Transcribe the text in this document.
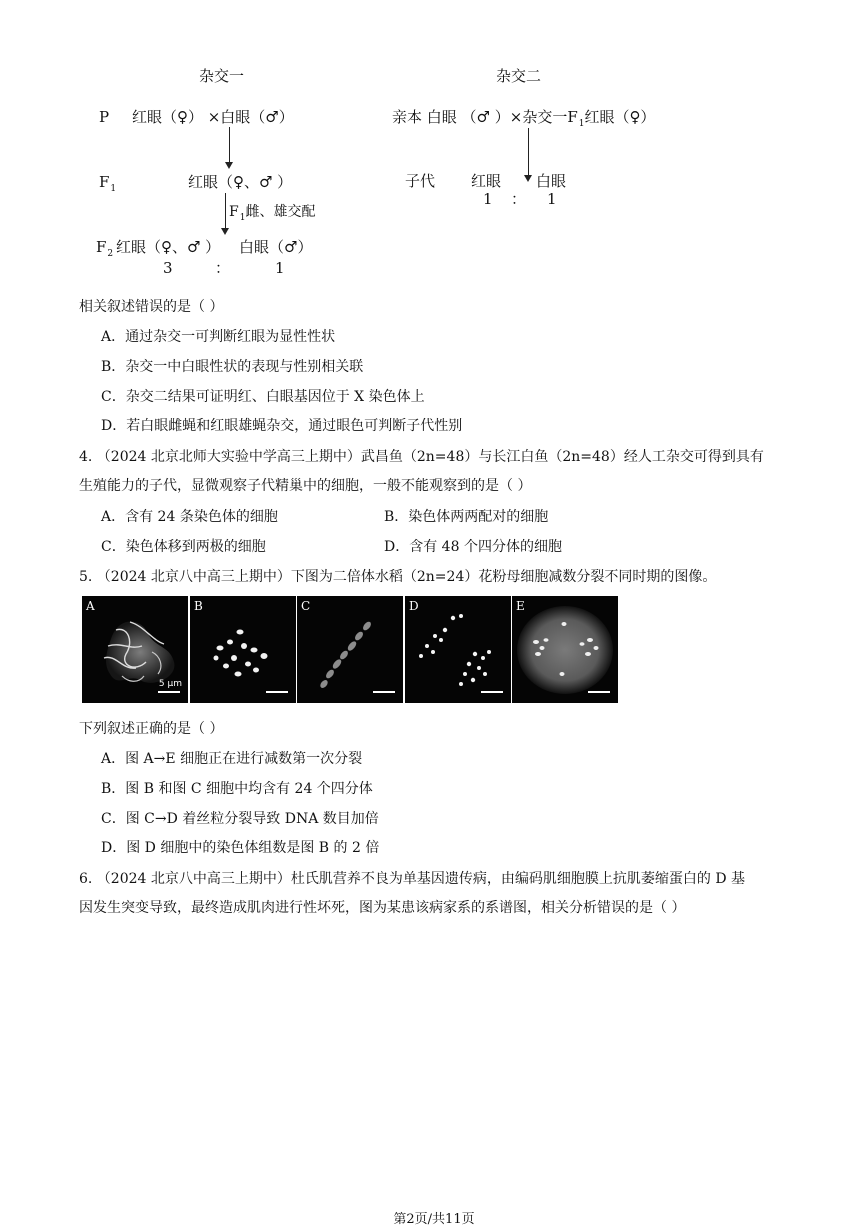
杂交一
P 红眼（♀） ×白眼（♂）
$F_1$	红眼（♀、♂ ）
$F_1$雌、雄交配
$F_2$ 红眼（♀、♂ ） 白眼（♂）
3	：	1
杂交二
亲本 白眼 （♂ ）×杂交一$F_1$红眼（♀）
子代 红眼 白眼
1 ： 1
相关叙述错误的是（ ）
A．通过杂交一可判断红眼为显性性状
B．杂交一中白眼性状的表现与性别相关联
C．杂交二结果可证明红、白眼基因位于 X 染色体上
D．若白眼雌蝇和红眼雄蝇杂交，通过眼色可判断子代性别
4. （2024 北京北师大实验中学高三上期中）武昌鱼（2n=48）与长江白鱼（2n=48）经人工杂交可得到具有
生殖能力的子代，显微观察子代精巢中的细胞，一般不能观察到的是（ ）
A．含有 24 条染色体的细胞	B．染色体两两配对的细胞
C．染色体移到两极的细胞	D．含有 48 个四分体的细胞
5. （2024 北京八中高三上期中）下图为二倍体水稻（2n=24）花粉母细胞减数分裂不同时期的图像。
A
5 μm
B	C	D	E
下列叙述正确的是（ ）
A．图 A→E 细胞正在进行减数第一次分裂
B．图 B 和图 C 细胞中均含有 24 个四分体
C．图 C→D 着丝粒分裂导致 DNA 数目加倍
D．图 D 细胞中的染色体组数是图 B 的 2 倍
6. （2024 北京八中高三上期中）杜氏肌营养不良为单基因遗传病，由编码肌细胞膜上抗肌萎缩蛋白的 D 基
因发生突变导致，最终造成肌肉进行性坏死，图为某患该病家系的系谱图，相关分析错误的是（ ）
第2页/共11页
